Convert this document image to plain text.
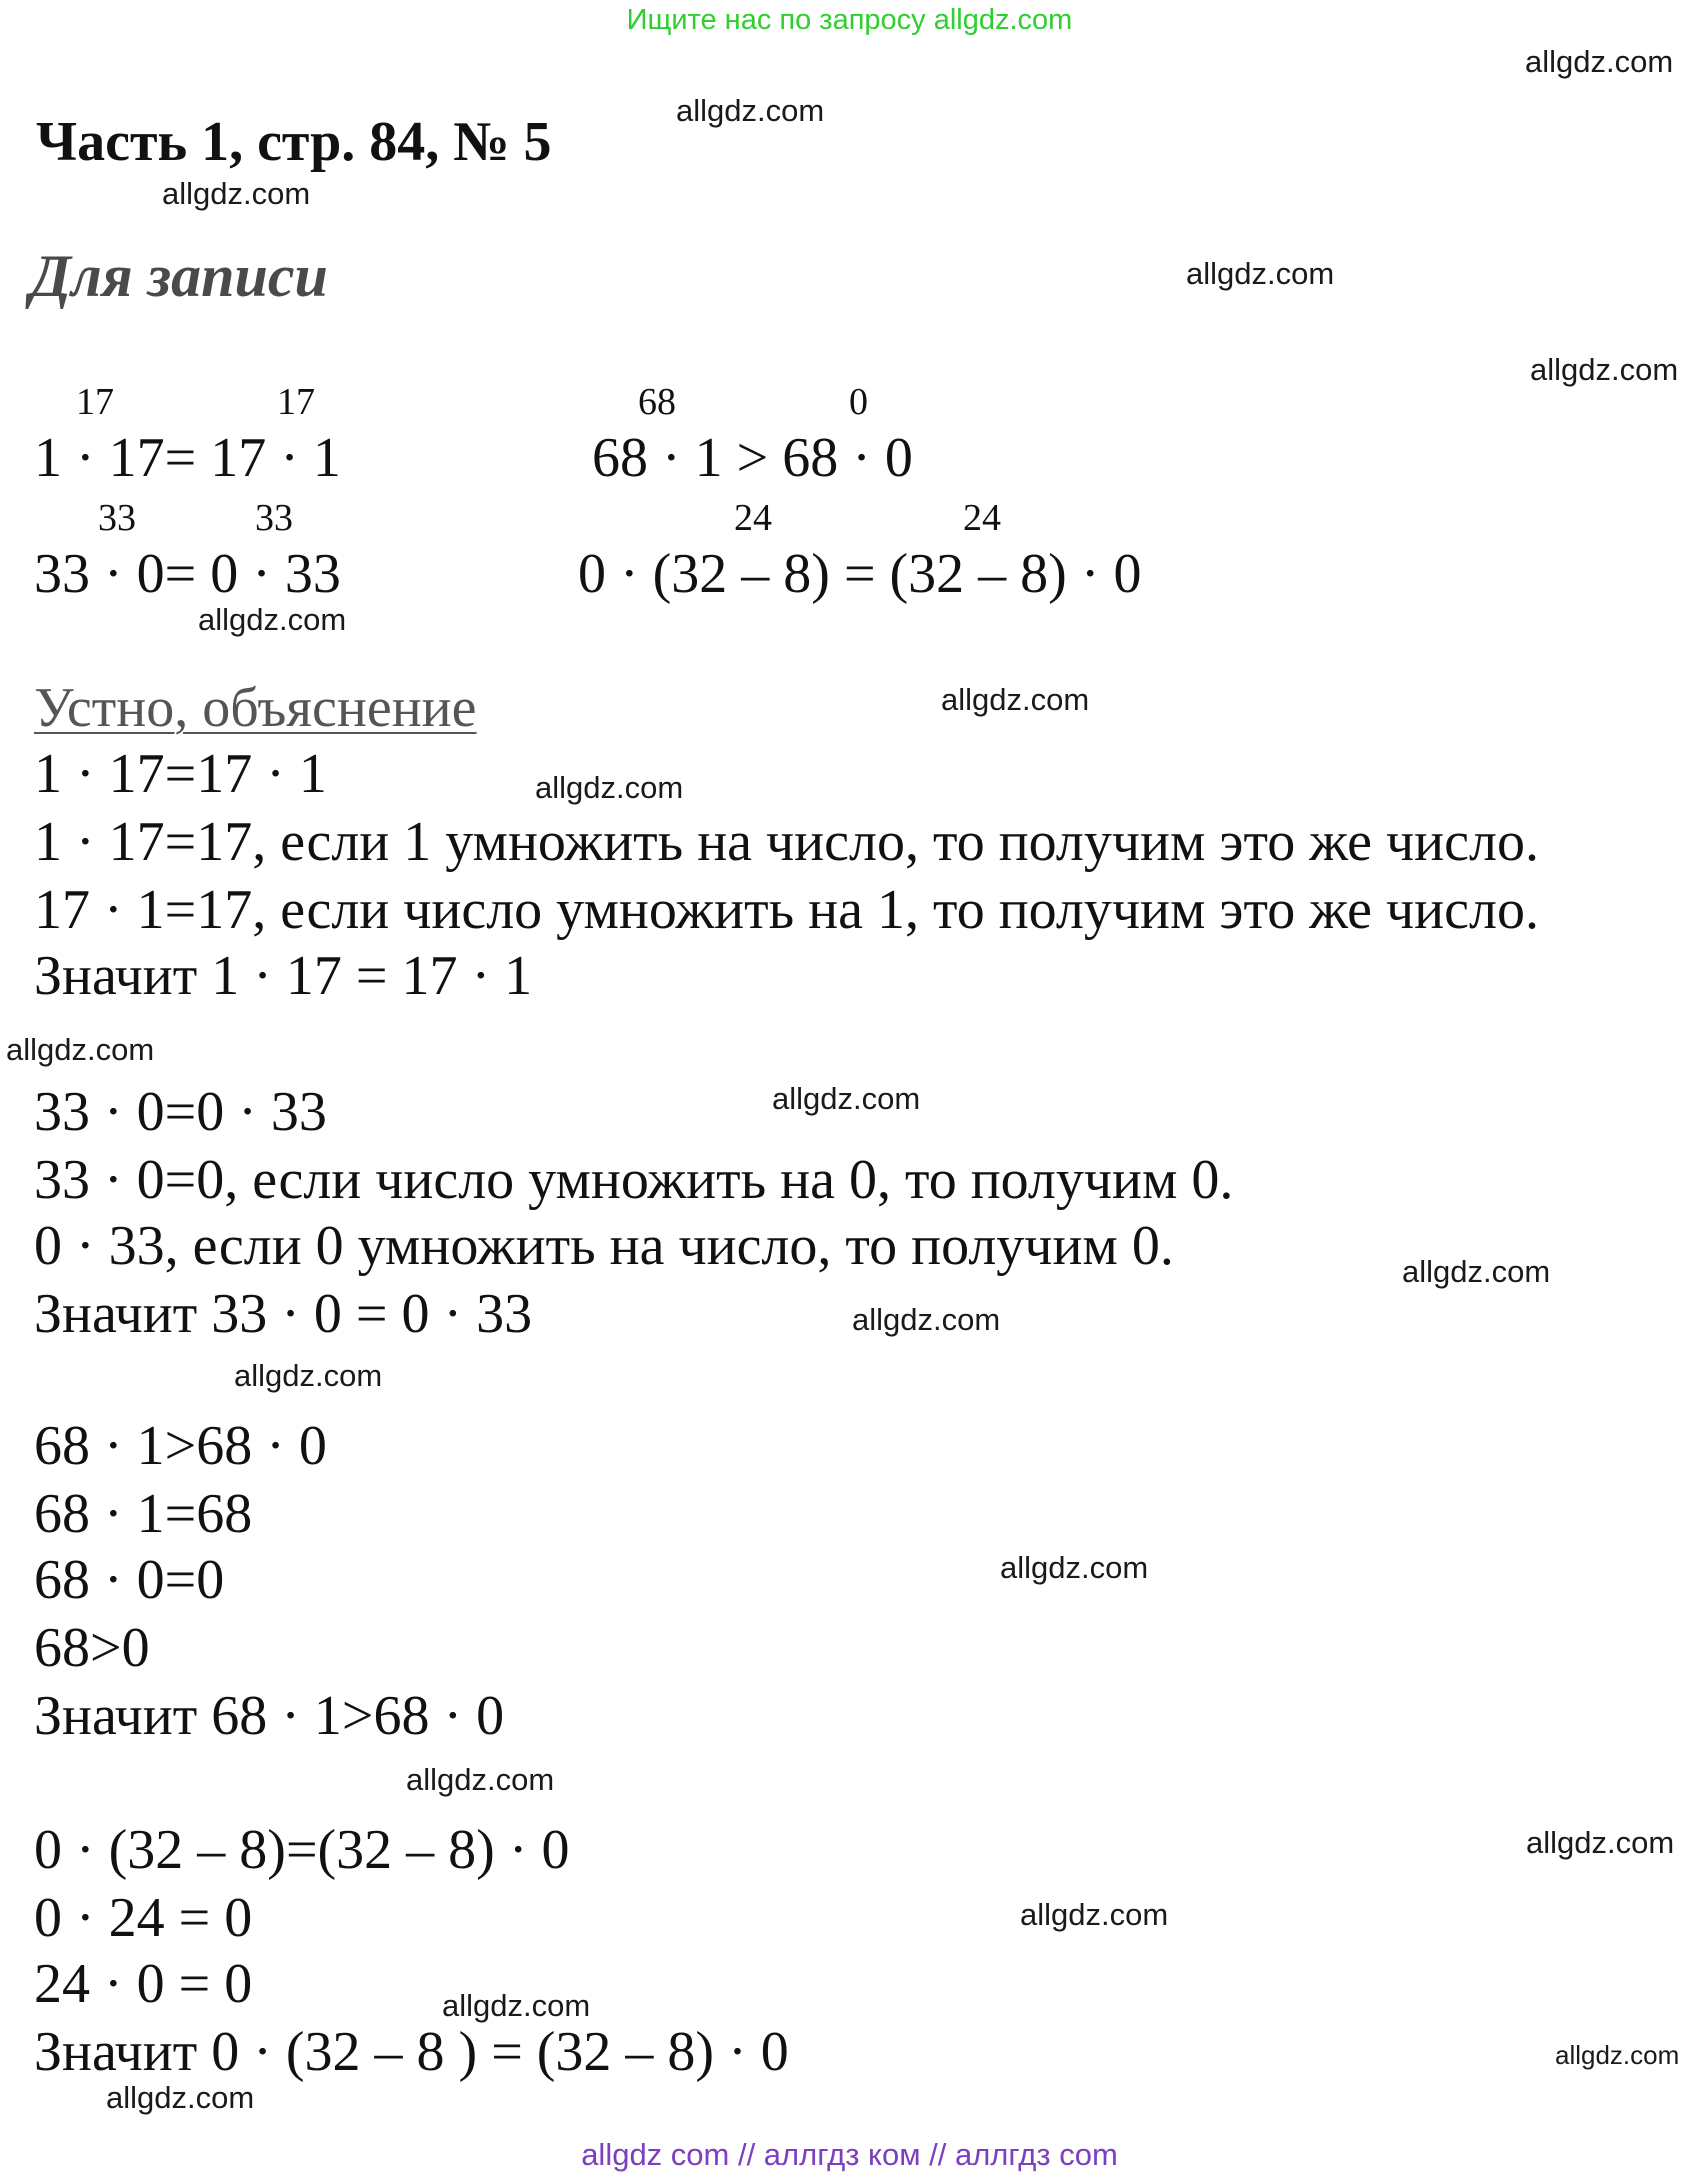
Ищите нас по запросу allgdz.com
allgdz.com
allgdz.com
allgdz.com
allgdz.com
allgdz.com
allgdz.com
allgdz.com
allgdz.com
allgdz.com
allgdz.com
allgdz.com
allgdz.com
allgdz.com
allgdz.com
allgdz.com
allgdz.com
allgdz.com
allgdz.com
allgdz.com
allgdz.com
Часть 1, стр. 84, № 5
Для записи
17	17
1 · 17= 17 · 1
68	0
68 · 1 > 68 · 0
33	33
33 · 0= 0 · 33
24	24
0 · (32 – 8) = (32 – 8) · 0
Устно, объяснение
1 · 17=17 · 1
1 · 17=17, если 1 умножить на число, то получим это же число.
17 · 1=17, если число умножить на 1, то получим это же число.
Значит 1 · 17 = 17 · 1
33 · 0=0 · 33
33 · 0=0, если число умножить на 0, то получим 0.
0 · 33, если 0 умножить на число, то получим 0.
Значит 33 · 0 = 0 · 33
68 · 1>68 · 0
68 · 1=68
68 · 0=0
68>0
Значит 68 · 1>68 · 0
0 · (32 – 8)=(32 – 8) · 0
0 · 24 = 0
24 · 0 = 0
Значит 0 · (32 – 8 ) = (32 – 8) · 0
allgdz com // аллгдз ком // аллгдз com
